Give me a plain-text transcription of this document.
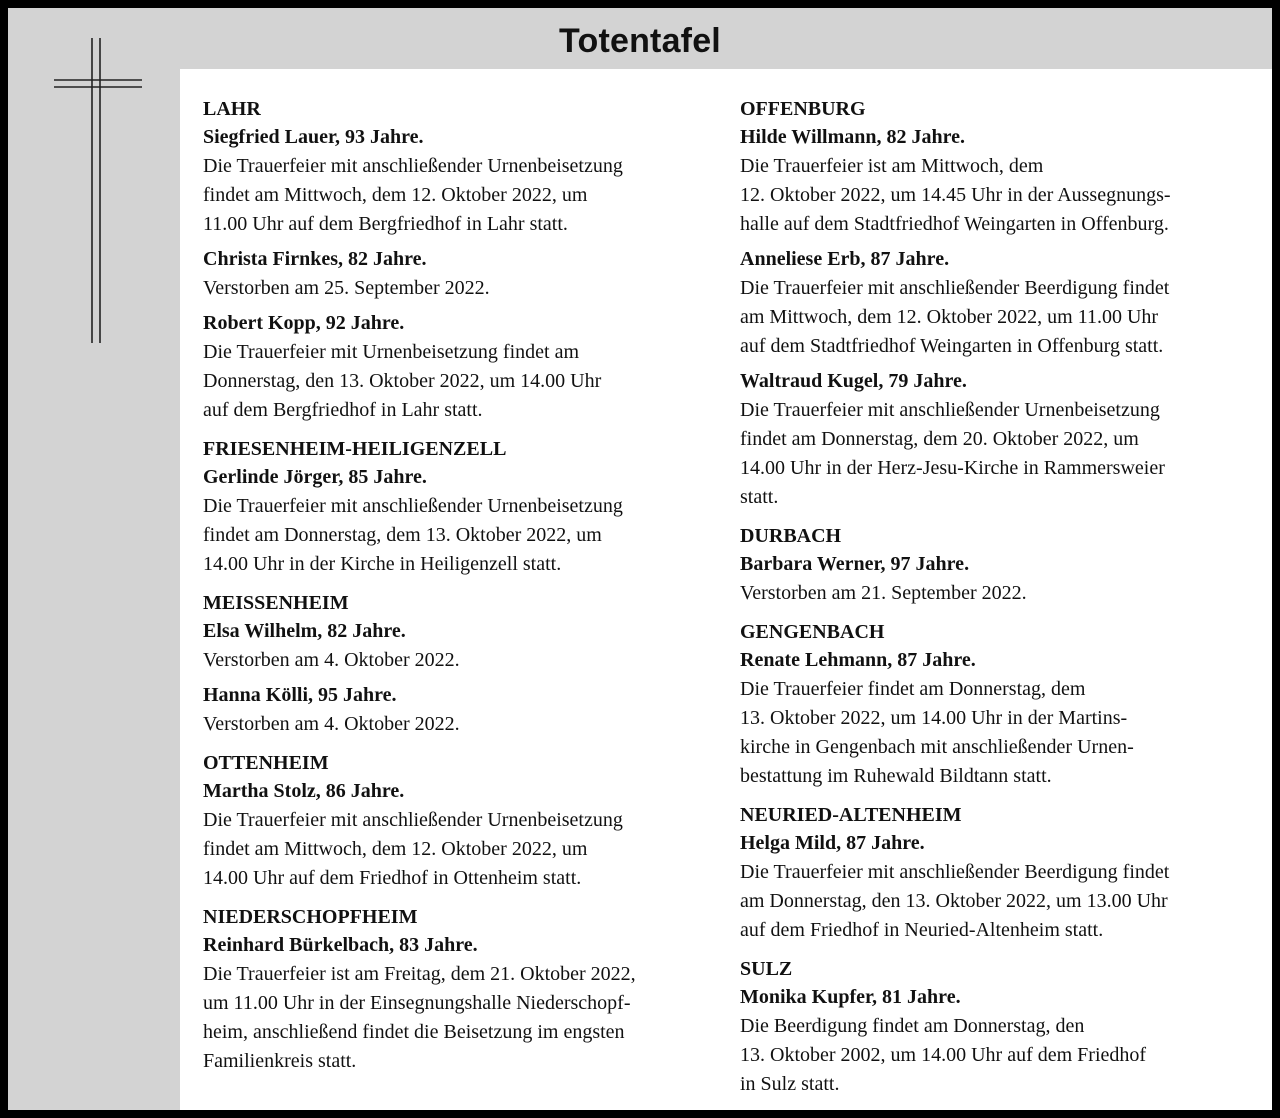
Totentafel
LAHR
Siegfried Lauer, 93 Jahre.
Die Trauerfeier mit anschließender Urnenbeisetzung
findet am Mittwoch, dem 12. Oktober 2022, um
11.00 Uhr auf dem Bergfriedhof in Lahr statt.
Christa Firnkes, 82 Jahre.
Verstorben am 25. September 2022.
Robert Kopp, 92 Jahre.
Die Trauerfeier mit Urnenbeisetzung findet am
Donnerstag, den 13. Oktober 2022, um 14.00 Uhr
auf dem Bergfriedhof in Lahr statt.
FRIESENHEIM-HEILIGENZELL
Gerlinde Jörger, 85 Jahre.
Die Trauerfeier mit anschließender Urnenbeisetzung
findet am Donnerstag, dem 13. Oktober 2022, um
14.00 Uhr in der Kirche in Heiligenzell statt.
MEISSENHEIM
Elsa Wilhelm, 82 Jahre.
Verstorben am 4. Oktober 2022.
Hanna Kölli, 95 Jahre.
Verstorben am 4. Oktober 2022.
OTTENHEIM
Martha Stolz, 86 Jahre.
Die Trauerfeier mit anschließender Urnenbeisetzung
findet am Mittwoch, dem 12. Oktober 2022, um
14.00 Uhr auf dem Friedhof in Ottenheim statt.
NIEDERSCHOPFHEIM
Reinhard Bürkelbach, 83 Jahre.
Die Trauerfeier ist am Freitag, dem 21. Oktober 2022,
um 11.00 Uhr in der Einsegnungshalle Niederschopf-
heim, anschließend findet die Beisetzung im engsten
Familienkreis statt.
OFFENBURG
Hilde Willmann, 82 Jahre.
Die Trauerfeier ist am Mittwoch, dem
12. Oktober 2022, um 14.45 Uhr in der Aussegnungs-
halle auf dem Stadtfriedhof Weingarten in Offenburg.
Anneliese Erb, 87 Jahre.
Die Trauerfeier mit anschließender Beerdigung findet
am Mittwoch, dem 12. Oktober 2022, um 11.00 Uhr
auf dem Stadtfriedhof Weingarten in Offenburg statt.
Waltraud Kugel, 79 Jahre.
Die Trauerfeier mit anschließender Urnenbeisetzung
findet am Donnerstag, dem 20. Oktober 2022, um
14.00 Uhr in der Herz-Jesu-Kirche in Rammersweier
statt.
DURBACH
Barbara Werner, 97 Jahre.
Verstorben am 21. September 2022.
GENGENBACH
Renate Lehmann, 87 Jahre.
Die Trauerfeier findet am Donnerstag, dem
13. Oktober 2022, um 14.00 Uhr in der Martins-
kirche in Gengenbach mit anschließender Urnen-
bestattung im Ruhewald Bildtann statt.
NEURIED-ALTENHEIM
Helga Mild, 87 Jahre.
Die Trauerfeier mit anschließender Beerdigung findet
am Donnerstag, den 13. Oktober 2022, um 13.00 Uhr
auf dem Friedhof in Neuried-Altenheim statt.
SULZ
Monika Kupfer, 81 Jahre.
Die Beerdigung findet am Donnerstag, den
13. Oktober 2002, um 14.00 Uhr auf dem Friedhof
in Sulz statt.
